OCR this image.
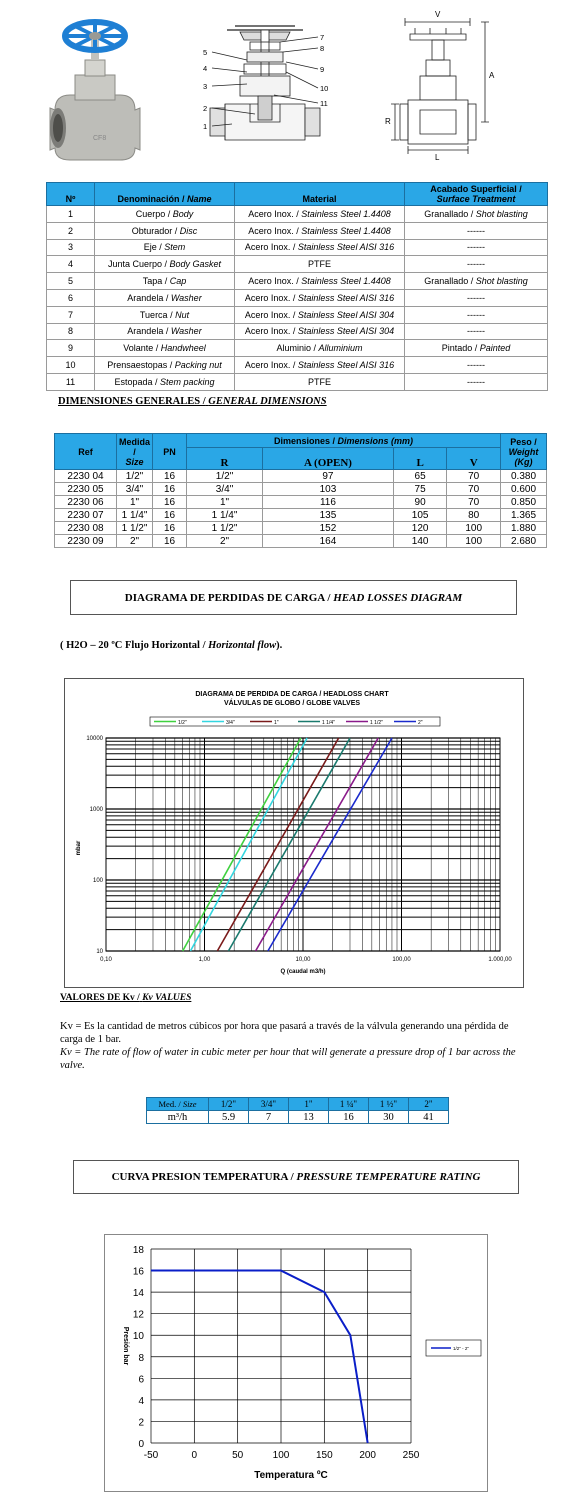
CF8
5
4
3
2
1
7
8
9
10
11
V
A
R
L
Nº	Denominación / Name	Material	Acabado Superficial /
Surface Treatment
1	Cuerpo / Body	Acero Inox. / Stainless Steel 1.4408	Granallado / Shot blasting
2	Obturador / Disc	Acero Inox. / Stainless Steel 1.4408	------
3	Eje / Stem	Acero Inox. / Stainless Steel AISI 316	------
4	Junta Cuerpo / Body Gasket	PTFE	------
5	Tapa / Cap	Acero Inox. / Stainless Steel 1.4408	Granallado / Shot blasting
6	Arandela / Washer	Acero Inox. / Stainless Steel AISI 316	------
7	Tuerca / Nut	Acero Inox. / Stainless Steel AISI 304	------
8	Arandela / Washer	Acero Inox. / Stainless Steel AISI 304	------
9	Volante / Handwheel	Aluminio / Alluminium	Pintado / Painted
10	Prensaestopas / Packing nut	Acero Inox. / Stainless Steel AISI 316	------
11	Estopada / Stem packing	PTFE	------
DIMENSIONES GENERALES / GENERAL DIMENSIONS
Ref	Medida
/
Size	PN	Dimensiones / Dimensions (mm)				Peso /
Weight
(Kg)
			R	A (OPEN)	L	V	
2230 04	1/2"	16	1/2"	97	65	70	0.380
2230 05	3/4"	16	3/4"	103	75	70	0.600
2230 06	1"	16	1"	116	90	70	0.850
2230 07	1 1/4"	16	1 1/4"	135	105	80	1.365
2230 08	1 1/2"	16	1 1/2"	152	120	100	1.880
2230 09	2"	16	2"	164	140	100	2.680
DIAGRAMA DE PERDIDAS DE CARGA /
HEAD LOSSES DIAGRAM
( H2O – 20 ºC Flujo Horizontal / Horizontal flow).
DIAGRAMA DE PERDIDA DE CARGA / HEADLOSS CHART
VÁLVULAS DE GLOBO / GLOBE VALVES
0,10	1,00	10,00	100,00	1.000,00
10
100
1000
10000
Q (caudal m3/h)
mbar
1/2"	3/4"	1"	1 1/4"	1 1/2"	2"
VALORES DE Kv / Kv VALUES
Kv = Es la cantidad de metros cúbicos por hora que pasará a través de la válvula generando una pérdida de carga de 1 bar.
Kv = The rate of flow of water in cubic meter per hour that will generate a pressure drop of 1 bar across the valve.
Med. / Size	1/2"	3/4"	1"	1 ¼"	1 ½"	2"
m³/h	5.9	7	13	16	30	41
CURVA PRESION TEMPERATURA /
PRESSURE TEMPERATURE RATING
-50	0	50	100	150	200	250
0
2
4
6
8
10
12
14
16
18
Temperatura ºC
Presión bar	1/2" - 2"
